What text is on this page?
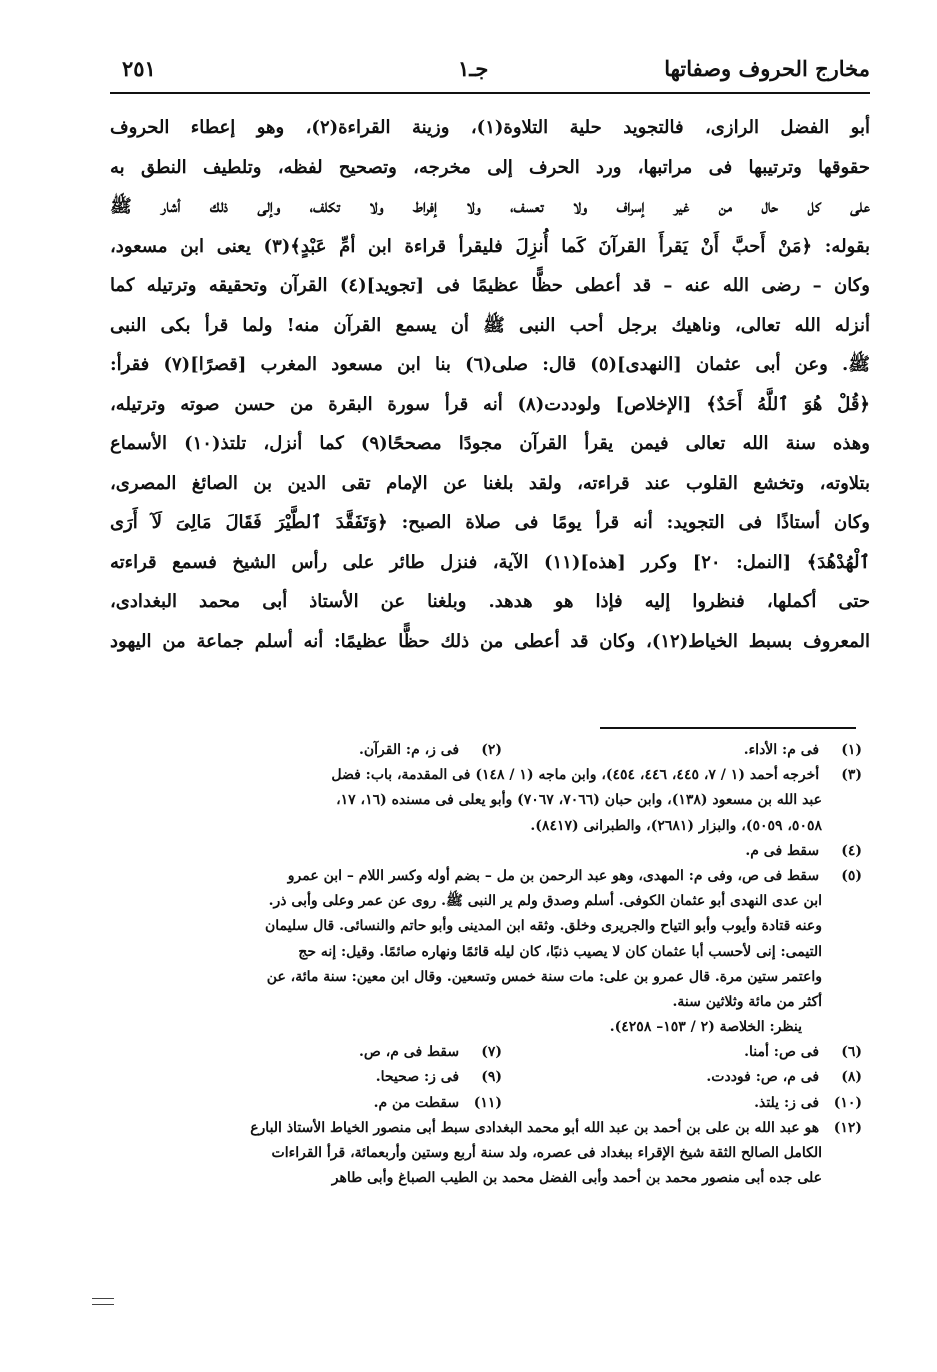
مخارج الحروف وصفاتها
جـ١
٢٥١
أبو الفضل الرازى، فالتجويد حلية التلاوة(١)، وزينة القراءة(٢)، وهو إعطاء الحروف
حقوقها وترتيبها فى مراتبها، ورد الحرف إلى مخرجه، وتصحيح لفظه، وتلطيف النطق به
على كل حال من غير إسراف ولا تعسف، ولا إفراط ولا تكلف، وإلى ذلك أشار ﷺ
بقوله: ﴿مَنْ أَحبَّ أَنْ يَقرأَ القرآنَ كَما أُنزِلَ فليقرأ قراءة ابن أمِّ عَبْدٍ﴾(٣) يعنى ابن مسعود،
وكان – رضى الله عنه – قد أعطى حظًّا عظيمًا فى [تجويد](٤) القرآن وتحقيقه وترتيله كما
أنزله الله تعالى، وناهيك برجل أحب النبى ﷺ أن يسمع القرآن منه! ولما قرأ بكى النبى
ﷺ. وعن أبى عثمان [النهدى](٥) قال: صلى(٦) بنا ابن مسعود المغرب [قصرًا](٧) فقرأ:
﴿قُلْ هُوَ ٱللَّهُ أَحَدٌ﴾ [الإخلاص] ولوددت(٨) أنه قرأ سورة البقرة من حسن صوته وترتيله،
وهذه سنة الله تعالى فيمن يقرأ القرآن مجودًا مصححًا(٩) كما أنزل، تلتذ(١٠) الأسماع
بتلاوته، وتخشع القلوب عند قراءته، ولقد بلغنا عن الإمام تقى الدين بن الصائغ المصرى،
وكان أستاذًا فى التجويد: أنه قرأ يومًا فى صلاة الصبح: ﴿وَتَفَقَّدَ ٱلطَّيْرَ فَقَالَ مَالِىَ لَآ أَرَى
ٱلْهُدْهُدَ﴾ [النمل: ٢٠] وكرر [هذه](١١) الآية، فنزل طائر على رأس الشيخ فسمع قراءته
حتى أكملها، فنظروا إليه فإذا هو هدهد. وبلغنا عن الأستاذ أبى محمد البغدادى،
المعروف بسبط الخياط(١٢)، وكان قد أعطى من ذلك حظًّا عظيمًا: أنه أسلم جماعة من اليهود
(١) فى م: الأداء.
(٢) فى ز، م: القرآن.
(٣) أخرجه أحمد (١ / ٧، ٤٤٥، ٤٤٦، ٤٥٤)، وابن ماجه (١ / ١٤٨) فى المقدمة، باب: فضل
عبد الله بن مسعود (١٣٨)، وابن حبان (٧٠٦٦، ٧٠٦٧) وأبو يعلى فى مسنده (١٦، ١٧،
٥٠٥٨، ٥٠٥٩)، والبزار (٢٦٨١)، والطبرانى (٨٤١٧).
(٤) سقط فى م.
(٥) سقط فى ص، وفى م: المهدى، وهو عبد الرحمن بن مل – بضم أوله وكسر اللام – ابن عمرو
ابن عدى النهدى أبو عثمان الكوفى. أسلم وصدق ولم ير النبى ﷺ. روى عن عمر وعلى وأبى ذر.
وعنه قتادة وأيوب وأبو التياح والجريرى وخلق. وثقه ابن المدينى وأبو حاتم والنسائى. قال سليمان
التيمى: إنى لأحسب أبا عثمان كان لا يصيب ذنبًا، كان ليله قائمًا ونهاره صائمًا. وقيل: إنه حج
واعتمر ستين مرة. قال عمرو بن على: مات سنة خمس وتسعين. وقال ابن معين: سنة مائة، عن
أكثر من مائة وثلاثين سنة.
ينظر: الخلاصة (٢ / ١٥٣– ٤٢٥٨).
(٦) فى ص: أمنا.
(٧) سقط فى م، ص.
(٨) فى م، ص: فوددت.
(٩) فى ز: صحيحا.
(١٠) فى ز: يلتذ.
(١١) سقطت من م.
(١٢) هو عبد الله بن على بن أحمد بن عبد الله أبو محمد البغدادى سبط أبى منصور الخياط الأستاذ البارع
الكامل الصالح الثقة شيخ الإقراء ببغداد فى عصره، ولد سنة أربع وستين وأربعمائة، قرأ القراءات
على جده أبى منصور محمد بن أحمد وأبى الفضل محمد بن الطيب الصباغ وأبى طاهر
